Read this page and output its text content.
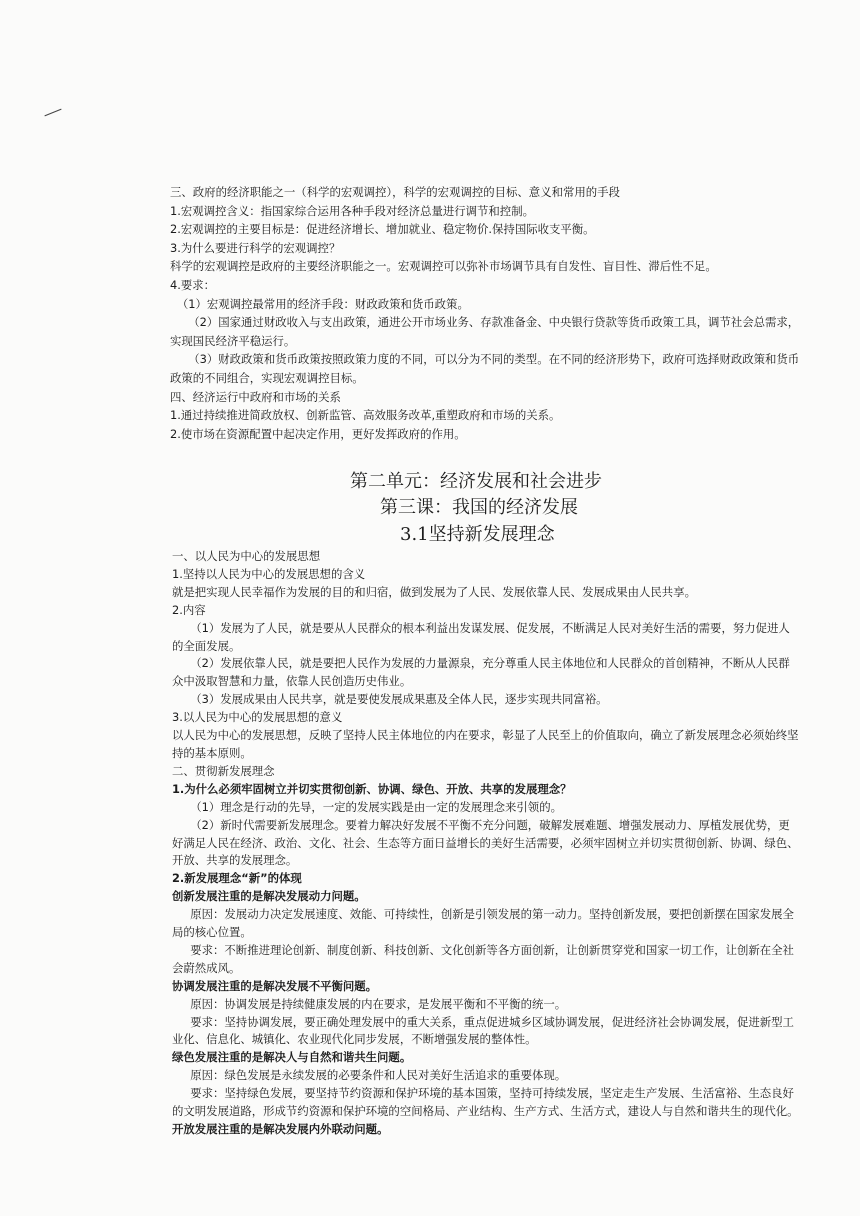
三、政府的经济职能之一（科学的宏观调控），科学的宏观调控的目标、意义和常用的手段

1.宏观调控含义：指国家综合运用各种手段对经济总量进行调节和控制。

2.宏观调控的主要目标是：促进经济增长、增加就业、稳定物价.保持国际收支平衡。

3.为什么要进行科学的宏观调控？

科学的宏观调控是政府的主要经济职能之一。宏观调控可以弥补市场调节具有自发性、盲目性、滞后性不足。

4.要求：

（1）宏观调控最常用的经济手段：财政政策和货币政策。

（2）国家通过财政收入与支出政策，通进公开市场业务、存款准备金、中央银行贷款等货币政策工具，调节社会总需求，实现国民经济平稳运行。

（3）财政政策和货币政策按照政策力度的不同，可以分为不同的类型。在不同的经济形势下，政府可选择财政政策和货币政策的不同组合，实现宏观调控目标。

四、经济运行中政府和市场的关系

1.通过持续推进简政放权、创新监管、高效服务改革,重塑政府和市场的关系。

2.使市场在资源配置中起决定作用，更好发挥政府的作用。

第二单元：经济发展和社会进步
第三课：我国的经济发展
3.1坚持新发展理念

一、以人民为中心的发展思想

1.坚持以人民为中心的发展思想的含义

就是把实现人民幸福作为发展的目的和归宿，做到发展为了人民、发展依靠人民、发展成果由人民共享。

2.内容

（1）发展为了人民，就是要从人民群众的根本利益出发谋发展、促发展，不断满足人民对美好生活的需要，努力促进人的全面发展。

（2）发展依靠人民，就是要把人民作为发展的力量源泉，充分尊重人民主体地位和人民群众的首创精神，不断从人民群众中汲取智慧和力量，依靠人民创造历史伟业。

（3）发展成果由人民共享，就是要使发展成果惠及全体人民，逐步实现共同富裕。

3.以人民为中心的发展思想的意义

以人民为中心的发展思想，反映了坚持人民主体地位的内在要求，彰显了人民至上的价值取向，确立了新发展理念必须始终坚持的基本原则。

二、贯彻新发展理念

1.为什么必须牢固树立并切实贯彻创新、协调、绿色、开放、共享的发展理念？

（1）理念是行动的先导，一定的发展实践是由一定的发展理念来引领的。

（2）新时代需要新发展理念。要着力解决好发展不平衡不充分问题，破解发展难题、增强发展动力、厚植发展优势，更好满足人民在经济、政治、文化、社会、生态等方面日益增长的美好生活需要，必须牢固树立并切实贯彻创新、协调、绿色、开放、共享的发展理念。

2.新发展理念“新”的体现

创新发展注重的是解决发展动力问题。

原因：发展动力决定发展速度、效能、可持续性，创新是引领发展的第一动力。坚持创新发展，要把创新摆在国家发展全局的核心位置。

要求：不断推进理论创新、制度创新、科技创新、文化创新等各方面创新，让创新贯穿党和国家一切工作，让创新在全社会蔚然成风。

协调发展注重的是解决发展不平衡问题。

原因：协调发展是持续健康发展的内在要求，是发展平衡和不平衡的统一。

要求：坚持协调发展，要正确处理发展中的重大关系，重点促进城乡区域协调发展，促进经济社会协调发展，促进新型工业化、信息化、城镇化、农业现代化同步发展，不断增强发展的整体性。

绿色发展注重的是解决人与自然和谐共生问题。

原因：绿色发展是永续发展的必要条件和人民对美好生活追求的重要体现。

要求：坚持绿色发展，要坚持节约资源和保护环境的基本国策，坚持可持续发展，坚定走生产发展、生活富裕、生态良好的文明发展道路，形成节约资源和保护环境的空间格局、产业结构、生产方式、生活方式，建设人与自然和谐共生的现代化。

开放发展注重的是解决发展内外联动问题。
